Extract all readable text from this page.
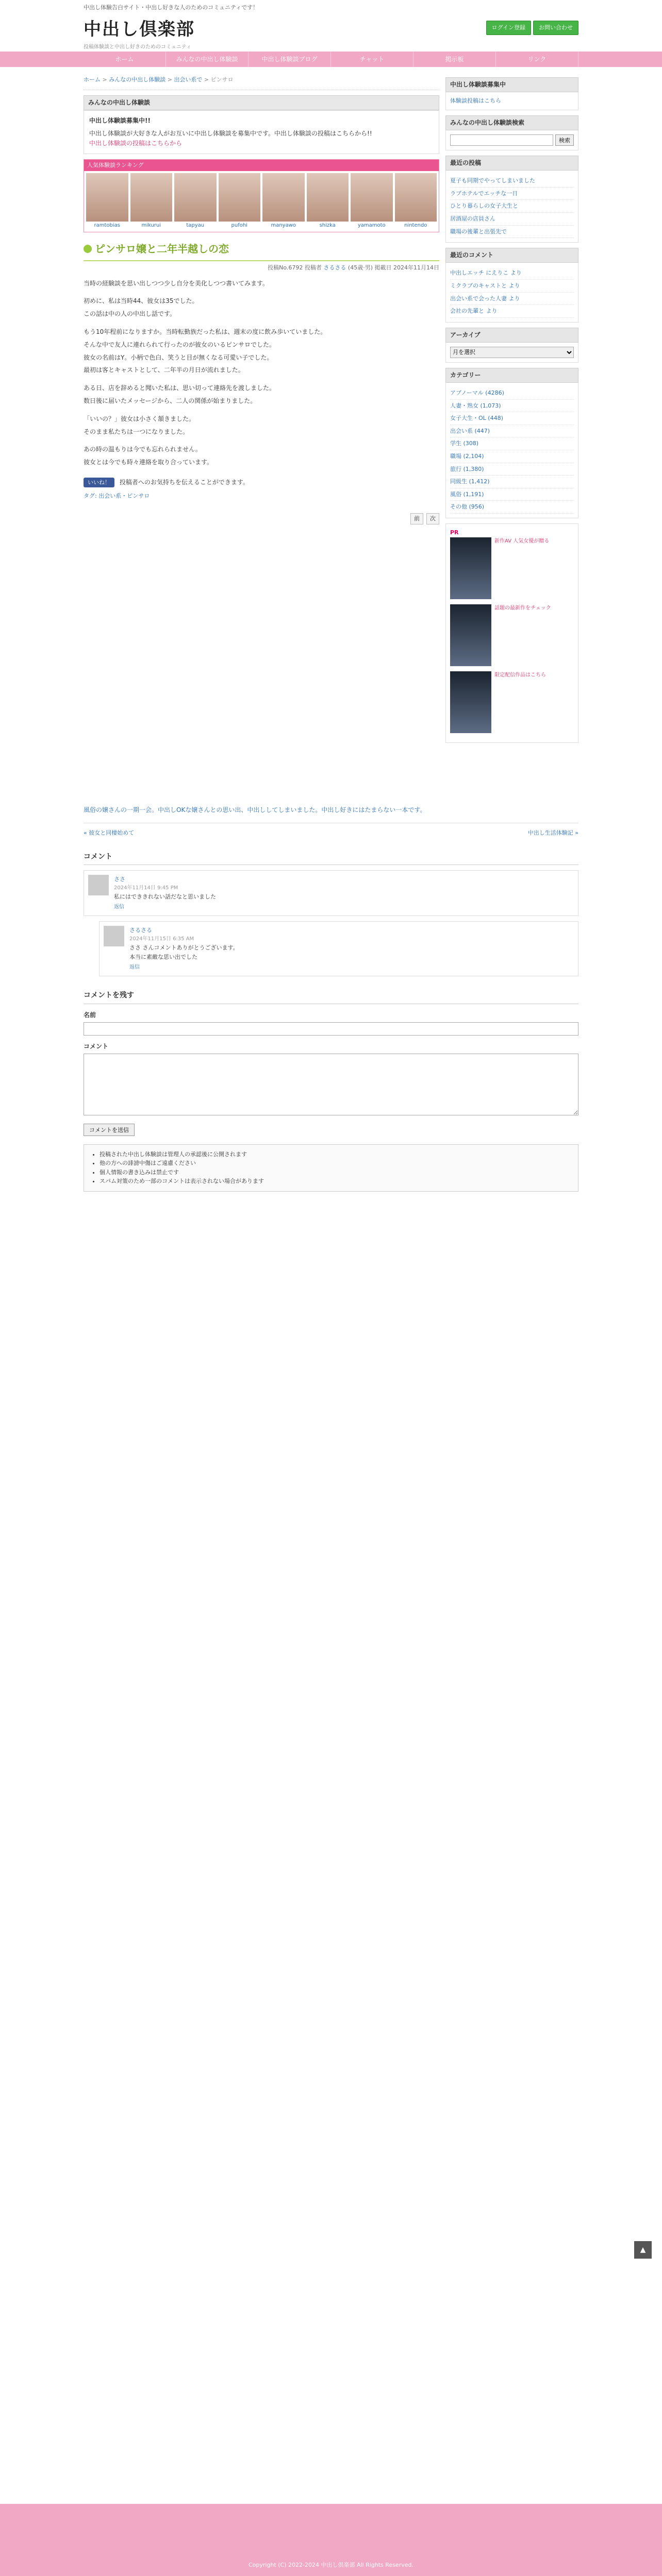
中出し体験告白サイト・中出し好きな人のためのコミュニティです！
中出し倶楽部
投稿体験談と中出し好きのためのコミュニティ
ログイン登録	お問い合わせ
ホーム	みんなの中出し体験談	中出し体験談ブログ	チャット	掲示板	リンク
ホーム > みんなの中出し体験談 > 出会い系で > ピンサロ
みんなの中出し体験談
中出し体験談募集中!!

中出し体験談が大好きな人がお互いに中出し体験談を募集中です。中出し体験談の投稿はこちらから!!

中出し体験談の投稿はこちらから
人気体験談ランキング
ramtobias	mikurui	tapyau	pufohi	manyawo	shizka	yamamoto	nintendo
ピンサロ嬢と二年半越しの恋
投稿No.6792 投稿者 さるさる (45歳·男) 掲載日 2024年11月14日

当時の経験談を思い出しつつ少し自分を美化しつつ書いてみます。

初めに、私は当時44、彼女は35でした。

この話は中の人の中出し話です。

もう10年程前になりますか。当時転勤族だった私は、週末の度に飲み歩いていました。

そんな中で友人に連れられて行ったのが彼女のいるピンサロでした。

彼女の名前はY。小柄で色白、笑うと目が無くなる可愛い子でした。

最初は客とキャストとして、二年半の月日が流れました。

ある日、店を辞めると聞いた私は、思い切って連絡先を渡しました。

数日後に届いたメッセージから、二人の関係が始まりました。

「いいの？」彼女は小さく頷きました。

そのまま私たちは一つになりました。

あの時の温もりは今でも忘れられません。

彼女とは今でも時々連絡を取り合っています。

いいね！ 投稿者へのお気持ちを伝えることができます。
タグ: 出会い系・ピンサロ
前	次
中出し体験談募集中
体験談投稿はこちら
みんなの中出し体験談検索
検索
最近の投稿
夏子も同期でやってしまいました
ラブホテルでエッチな一日
ひとり暮らしの女子大生と
居酒屋の店員さん
職場の後輩と出張先で
最近のコメント
中出しエッチ にえりこ より
ミクラブのキャストと より
出会い系で会った人妻 より
会社の先輩と より
アーカイブ
月を選択
カテゴリー
アブノーマル (4286)
人妻・熟女 (1,073)
女子大生・OL (448)
出会い系 (447)
学生 (308)
職場 (2,104)
旅行 (1,380)
同級生 (1,412)
風俗 (1,191)
その他 (956)
PR
新作AV 人気女優が贈る
話題の最新作をチェック
限定配信作品はこちら
風俗の嬢さんの一期一会。中出しOKな嬢さんとの思い出、中出ししてしまいました。中出し好きにはたまらない一本です。
« 彼女と同棲始めて	中出し生活体験記 »
コメント
ささ
2024年11月14日 9:45 PM
私にはでききれない話だなと思いました
返信
さるさる
2024年11月15日 6:35 AM
ささ さんコメントありがとうございます。
本当に素敵な思い出でした
返信
コメントを残す
名前
コメント
コメントを送信
• 投稿された中出し体験談は管理人の承認後に公開されます
• 他の方への誹謗中傷はご遠慮ください
• 個人情報の書き込みは禁止です
• スパム対策のため一部のコメントは表示されない場合があります
▲
Copyright (C) 2022-2024 中出し倶楽部 All Rights Reserved.
